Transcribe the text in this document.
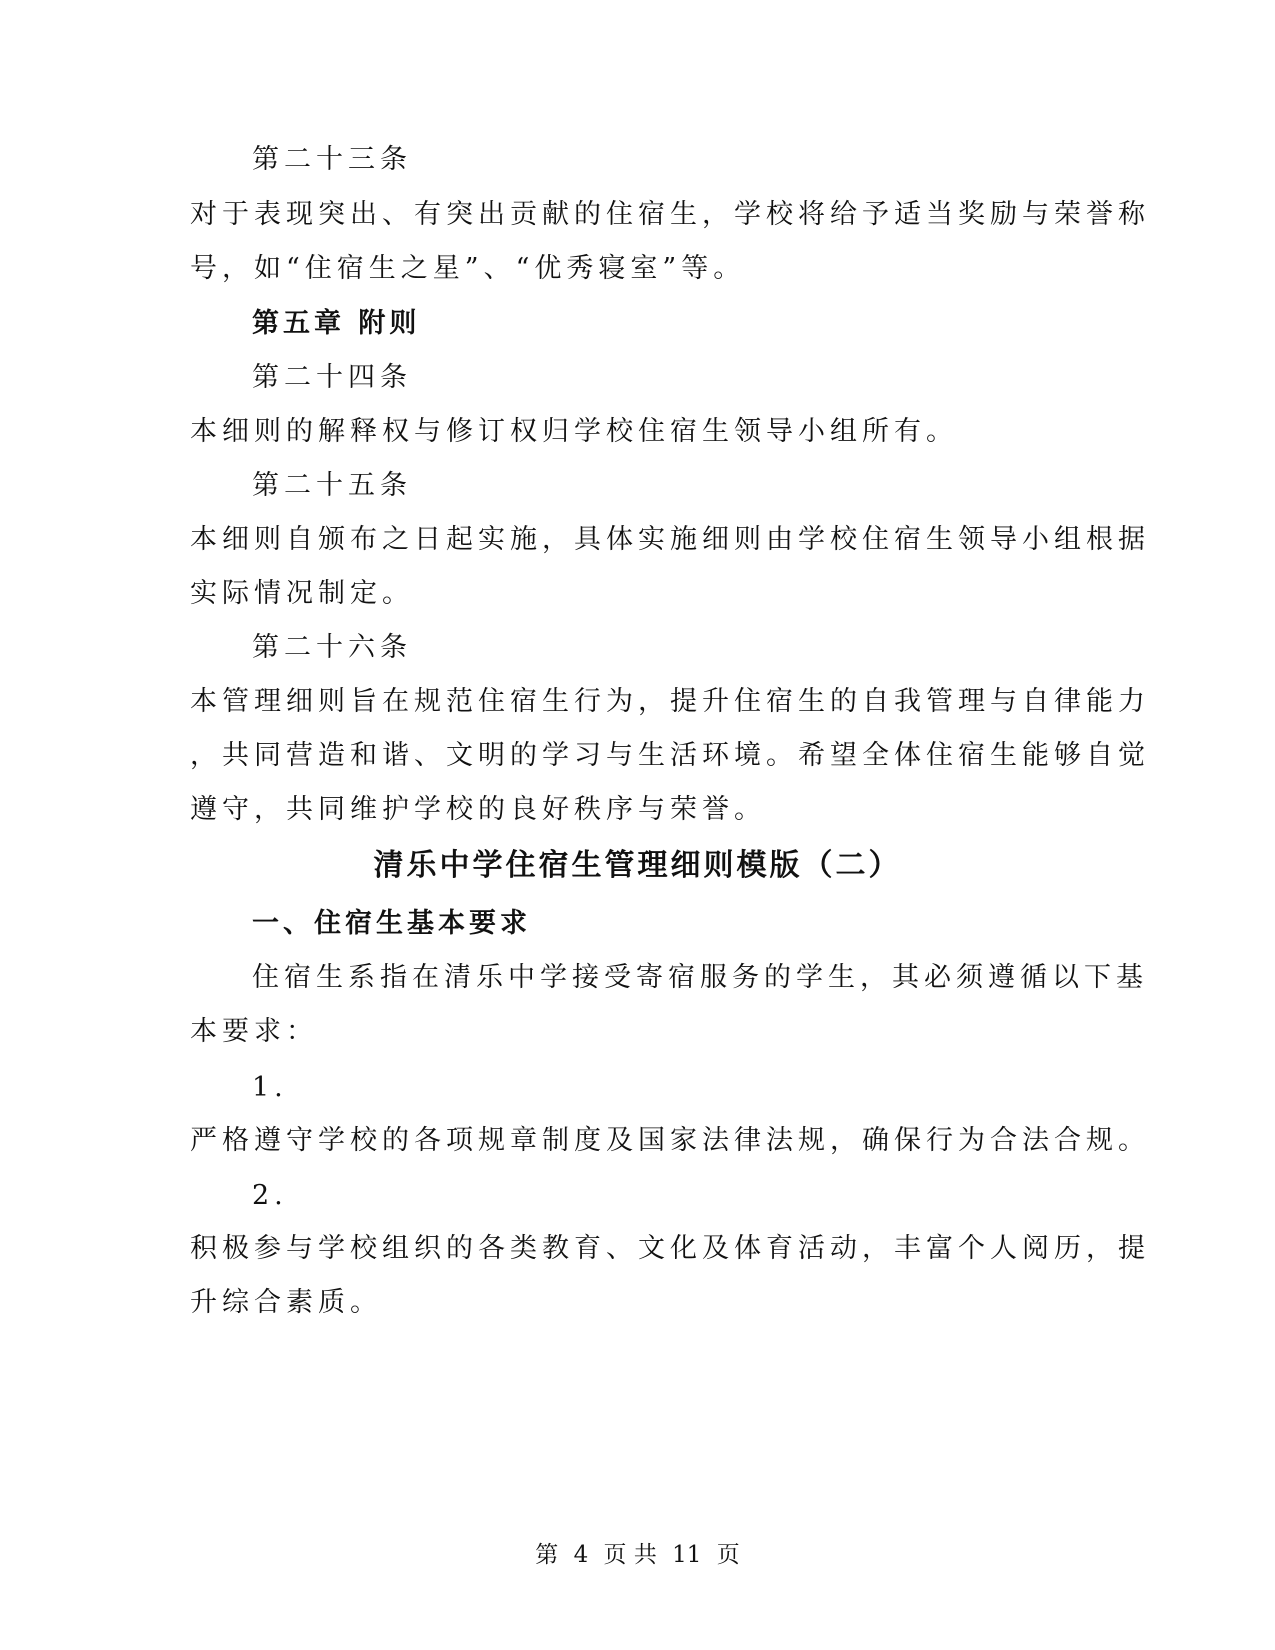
第二十三条
对于表现突出、有突出贡献的住宿生，学校将给予适当奖励与荣誉称
号，如“住宿生之星”、“优秀寝室”等。
第五章 附则
第二十四条
本细则的解释权与修订权归学校住宿生领导小组所有。
第二十五条
本细则自颁布之日起实施，具体实施细则由学校住宿生领导小组根据
实际情况制定。
第二十六条
本管理细则旨在规范住宿生行为，提升住宿生的自我管理与自律能力
，共同营造和谐、文明的学习与生活环境。希望全体住宿生能够自觉
遵守，共同维护学校的良好秩序与荣誉。
清乐中学住宿生管理细则模版（二）
一、住宿生基本要求
住宿生系指在清乐中学接受寄宿服务的学生，其必须遵循以下基
本要求：
1.
严格遵守学校的各项规章制度及国家法律法规，确保行为合法合规。
2.
积极参与学校组织的各类教育、文化及体育活动，丰富个人阅历，提
升综合素质。
第 4 页 共 11 页
